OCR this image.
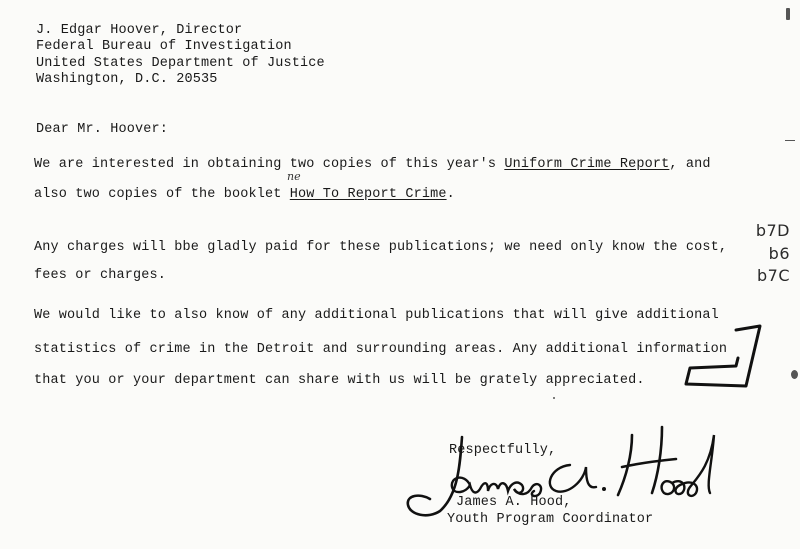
J. Edgar Hoover, Director
Federal Bureau of Investigation
United States Department of Justice
Washington, D.C. 20535
Dear Mr. Hoover:
We are interested in obtaining two copies of this year's Uniform Crime Report, and
ne
also two copies of the booklet How To Report Crime.
Any charges will bbe gladly paid for these publications; we need only know the cost,
fees or charges.
b7D
b6
b7C
We would like to also know of any additional publications that will give additional
statistics of crime in the Detroit and surrounding areas. Any additional information
that you or your department can share with us will be grately appreciated.
Respectfully,
James A. Hood,
Youth Program Coordinator
